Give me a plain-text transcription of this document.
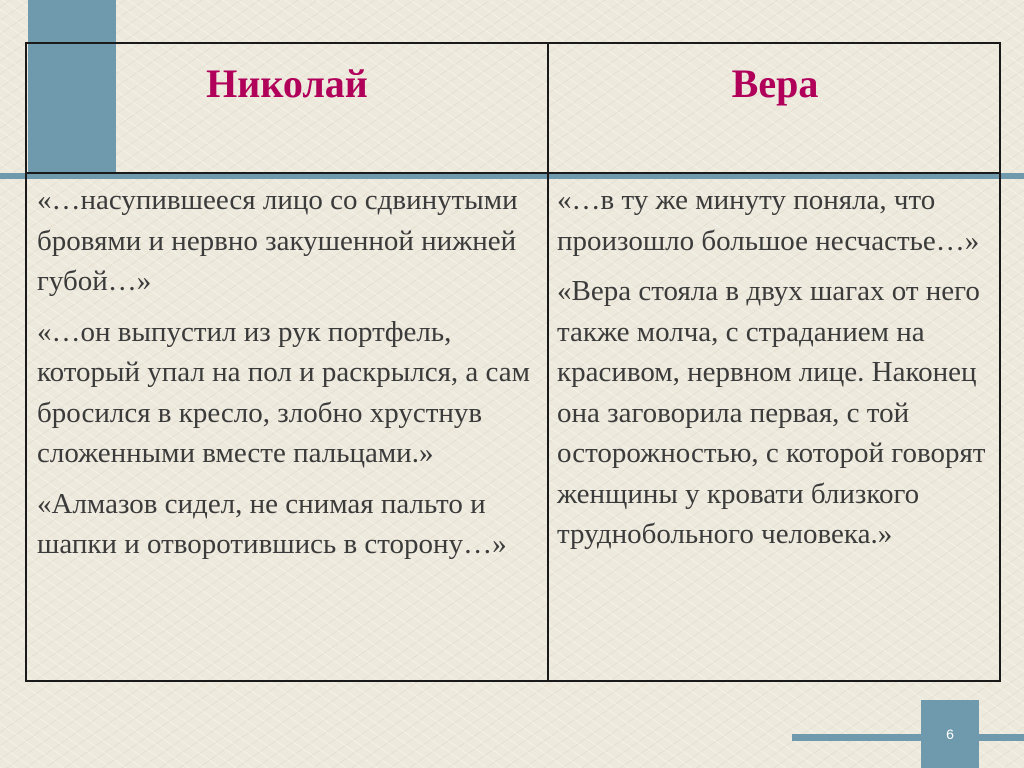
Николай	Вера

«…насупившееся лицо со сдвинутыми бровями и нервно закушенной нижней губой…»

«…он выпустил из рук портфель, который упал на пол и раскрылся, а сам бросился в кресло, злобно хрустнув сложенными вместе пальцами.»

«Алмазов сидел, не снимая пальто и шапки и отворотившись в сторону…»

«…в ту же минуту поняла, что произошло большое несчастье…»

«Вера стояла в двух шагах от него также молча, с страданием на красивом, нервном лице. Наконец она заговорила первая, с той осторожностью, с которой говорят женщины у кровати близкого труднобольного человека.»

6
